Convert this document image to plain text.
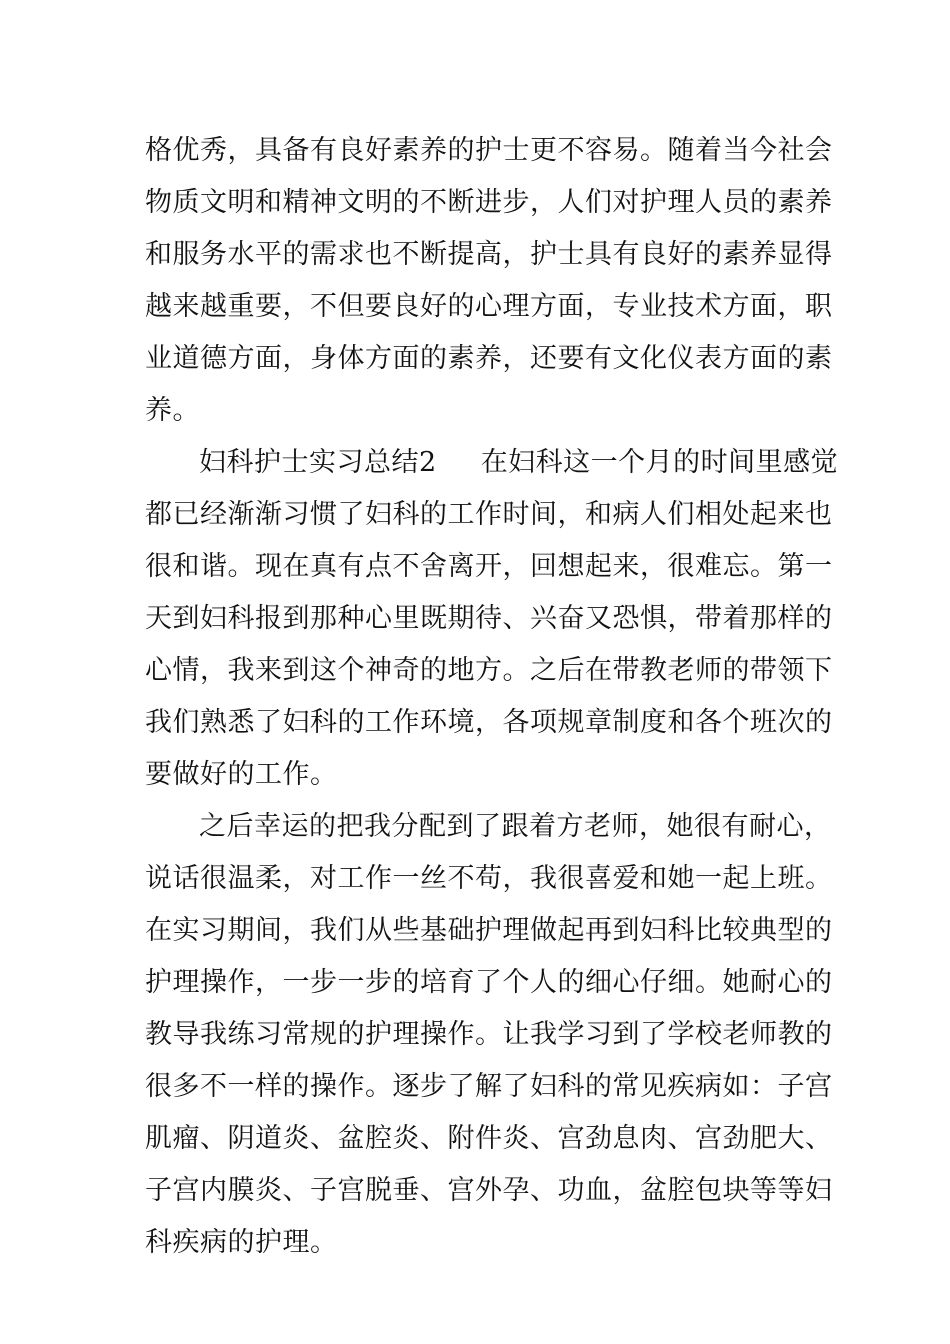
格优秀，具备有良好素养的护士更不容易。随着当今社会
物质文明和精神文明的不断进步，人们对护理人员的素养
和服务水平的需求也不断提高，护士具有良好的素养显得
越来越重要，不但要良好的心理方面，专业技术方面，职
业道德方面，身体方面的素养，还要有文化仪表方面的素
养。
妇科护士实习总结2 在妇科这一个月的时间里感觉
都已经渐渐习惯了妇科的工作时间，和病人们相处起来也
很和谐。现在真有点不舍离开，回想起来，很难忘。第一
天到妇科报到那种心里既期待、兴奋又恐惧，带着那样的
心情，我来到这个神奇的地方。之后在带教老师的带领下
我们熟悉了妇科的工作环境，各项规章制度和各个班次的
要做好的工作。
之后幸运的把我分配到了跟着方老师，她很有耐心，
说话很温柔，对工作一丝不苟，我很喜爱和她一起上班。
在实习期间，我们从些基础护理做起再到妇科比较典型的
护理操作，一步一步的培育了个人的细心仔细。她耐心的
教导我练习常规的护理操作。让我学习到了学校老师教的
很多不一样的操作。逐步了解了妇科的常见疾病如：子宫
肌瘤、阴道炎、盆腔炎、附件炎、宫劲息肉、宫劲肥大、
子宫内膜炎、子宫脱垂、宫外孕、功血，盆腔包块等等妇
科疾病的护理。
